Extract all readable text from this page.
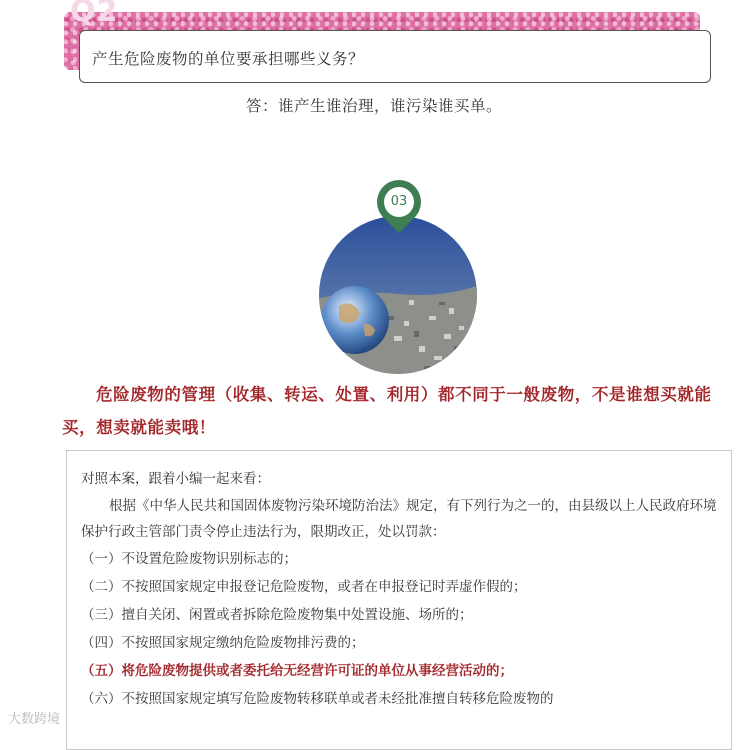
Q2
产生危险废物的单位要承担哪些义务？
答：谁产生谁治理，谁污染谁买单。
03
危险废物的管理（收集、转运、处置、利用）都不同于一般废物，不是谁想买就能买，想卖就能卖哦！
对照本案，跟着小编一起来看：
根据《中华人民共和国固体废物污染环境防治法》规定，有下列行为之一的，由县级以上人民政府环境保护行政主管部门责令停止违法行为，限期改正，处以罚款：
（一）不设置危险废物识别标志的；
（二）不按照国家规定申报登记危险废物，或者在申报登记时弄虚作假的；
（三）擅自关闭、闲置或者拆除危险废物集中处置设施、场所的；
（四）不按照国家规定缴纳危险废物排污费的；
（五）将危险废物提供或者委托给无经营许可证的单位从事经营活动的；
（六）不按照国家规定填写危险废物转移联单或者未经批准擅自转移危险废物的
大数跨境
